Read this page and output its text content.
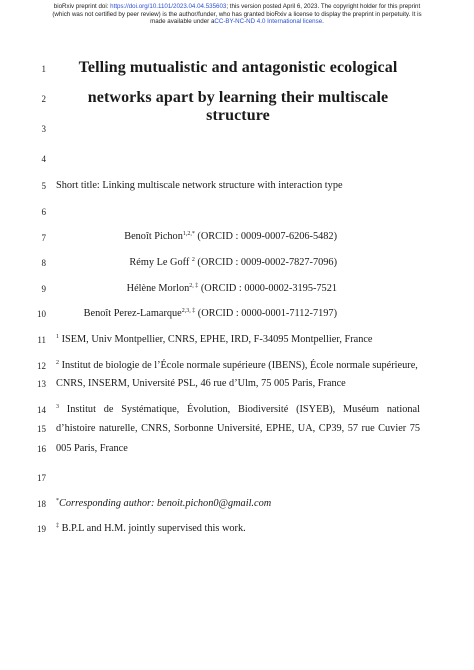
bioRxiv preprint doi: https://doi.org/10.1101/2023.04.04.535603; this version posted April 6, 2023. The copyright holder for this preprint
(which was not certified by peer review) is the author/funder, who has granted bioRxiv a license to display the preprint in perpetuity. It is
made available under aCC-BY-NC-ND 4.0 International license.
1
2
3
4
5
6
7
8
9
10
11
12
13
14
15
16
17
18
19
Telling mutualistic and antagonistic ecological
networks apart by learning their multiscale structure
Short title: Linking multiscale network structure with interaction type
Benoît Pichon$^{1,2,*}$ (ORCID : 0009-0007-6206-5482)
Rémy Le Goff $^2$ (ORCID : 0009-0002-7827-7096)
Hélène Morlon$^{2, \ddagger}$ (ORCID : 0000-0002-3195-7521
Benoît Perez-Lamarque$^{2,3, \ddagger}$ (ORCID : 0000-0001-7112-7197)
$^1$ ISEM, Univ Montpellier, CNRS, EPHE, IRD, F-34095 Montpellier, France
$^2$ Institut de biologie de l’École normale supérieure (IBENS), École normale supérieure,
CNRS, INSERM, Université PSL, 46 rue d’Ulm, 75 005 Paris, France
$^3$ Institut de Systématique, Évolution, Biodiversité (ISYEB), Muséum national
d’histoire naturelle, CNRS, Sorbonne Université, EPHE, UA, CP39, 57 rue Cuvier 75
005 Paris, France
*Corresponding author: benoit.pichon0@gmail.com
‡ B.P.L and H.M. jointly supervised this work.
